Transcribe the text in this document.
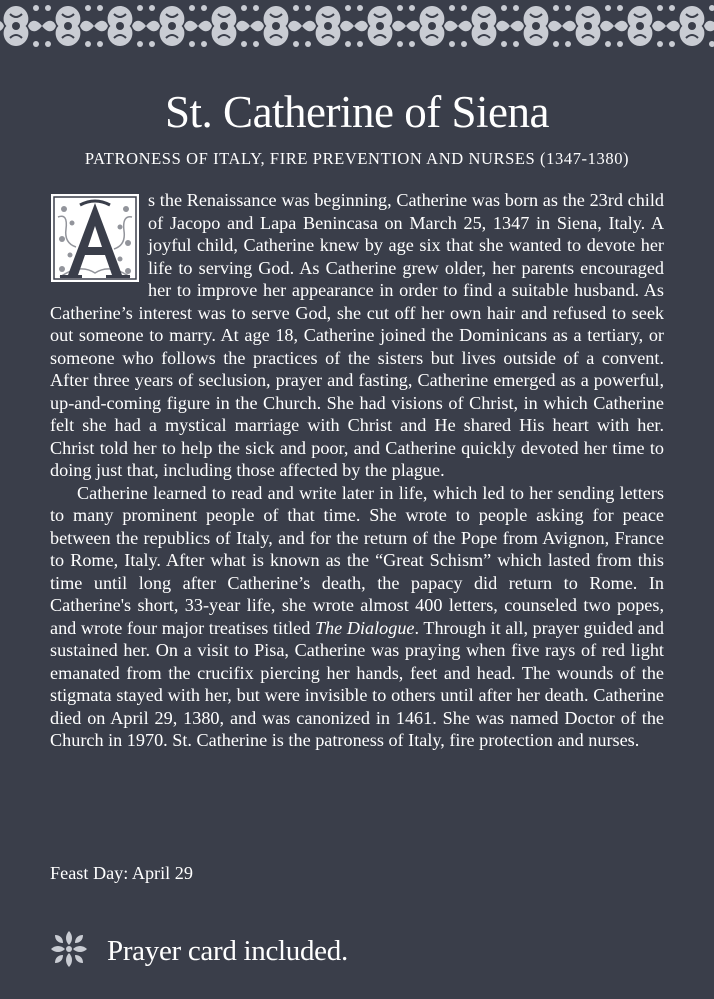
St. Catherine of Siena
PATRONESS OF ITALY, FIRE PREVENTION AND NURSES (1347-1380)

s the Renaissance was beginning, Catherine was born as the 23rd child of Jacopo and Lapa Benincasa on March 25, 1347 in Siena, Italy. A joyful child, Catherine knew by age six that she wanted to devote her life to serving God. As Catherine grew older, her parents encouraged her to improve her appearance in order to find a suitable husband. As Catherine’s interest was to serve God, she cut off her own hair and refused to seek out someone to marry. At age 18, Catherine joined the Dominicans as a tertiary, or someone who follows the practices of the sisters but lives outside of a convent. After three years of seclusion, prayer and fasting, Catherine emerged as a powerful, up-and-coming figure in the Church. She had visions of Christ, in which Catherine felt she had a mystical marriage with Christ and He shared His heart with her. Christ told her to help the sick and poor, and Catherine quickly devoted her time to doing just that, including those affected by the plague.

Catherine learned to read and write later in life, which led to her sending letters to many prominent people of that time. She wrote to people asking for peace between the republics of Italy, and for the return of the Pope from Avignon, France to Rome, Italy. After what is known as the “Great Schism” which lasted from this time until long after Catherine’s death, the papacy did return to Rome. In Catherine's short, 33-year life, she wrote almost 400 letters, counseled two popes, and wrote four major treatises titled The Dialogue. Through it all, prayer guided and sustained her. On a visit to Pisa, Catherine was praying when five rays of red light emanated from the crucifix piercing her hands, feet and head. The wounds of the stigmata stayed with her, but were invisible to others until after her death. Catherine died on April 29, 1380, and was canonized in 1461. She was named Doctor of the Church in 1970. St. Catherine is the patroness of Italy, fire protection and nurses.

Feast Day: April 29
Prayer card included.
